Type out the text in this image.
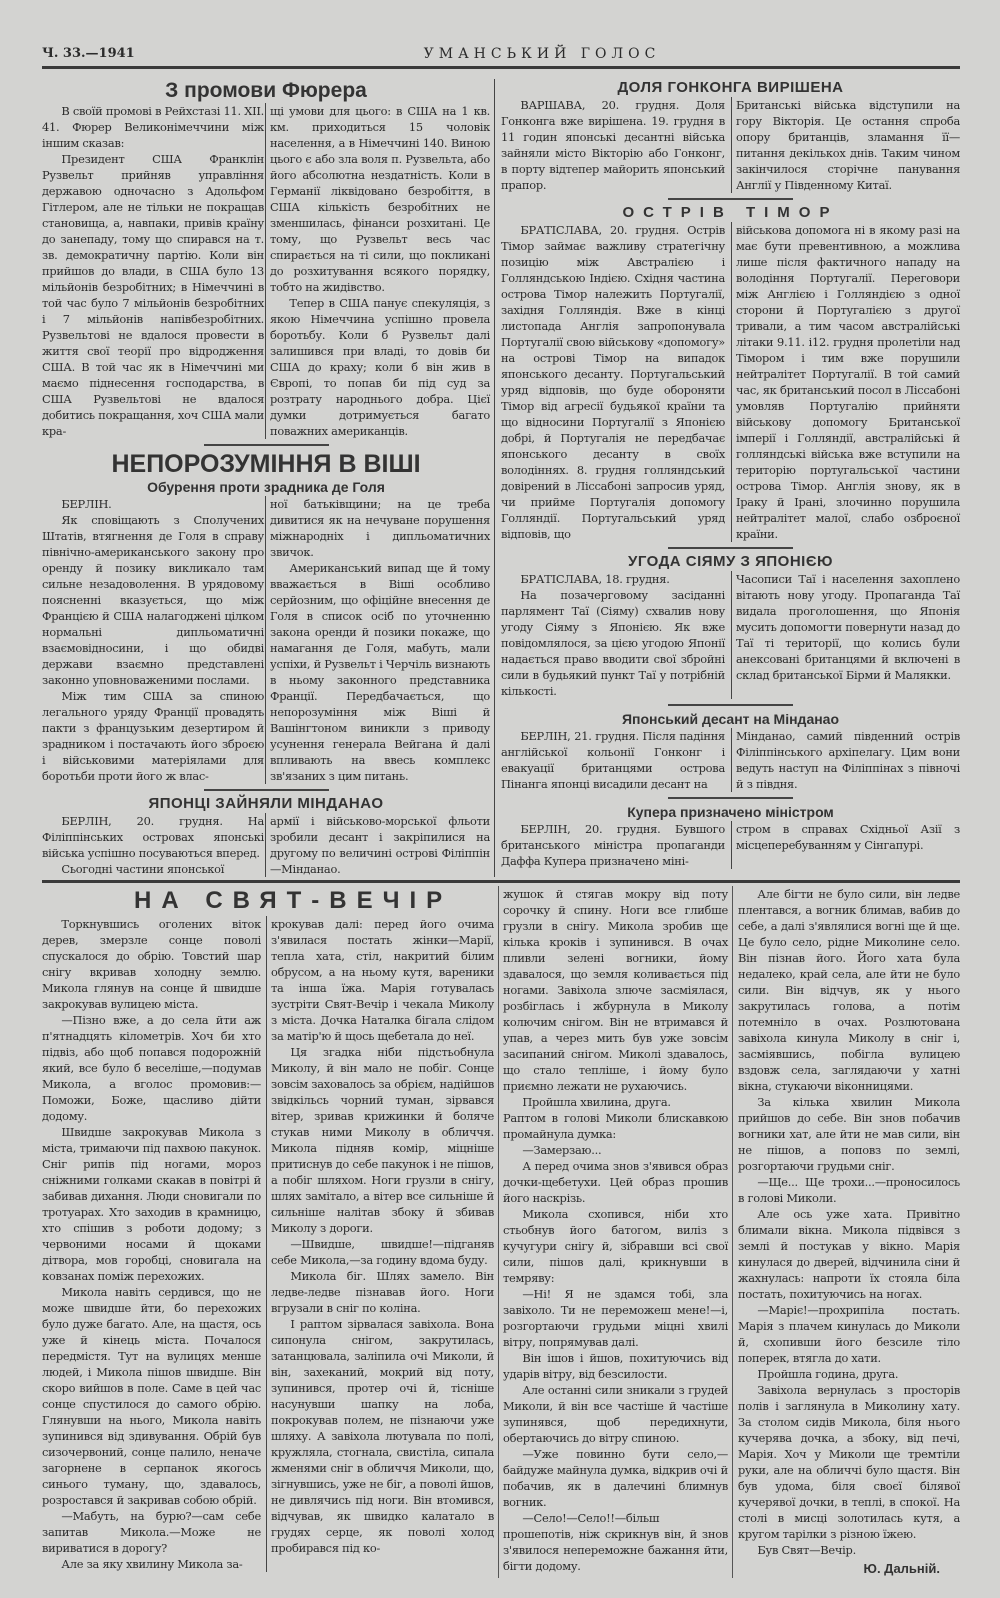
Ч. 33.—1941	УМАНСЬКИЙ ГОЛОС
З промови Фюрера

В своїй промові в Рейхстазі 11. XII. 41. Фюрер Великонімеччини між іншим сказав:

Президент США Франклін Рузвельт прийняв управління державою одночасно з Адольфом Гітлером, але не тільки не покращав становища, а, навпаки, привів країну до занепаду, тому що спирався на т. зв. демократичну партію. Коли він прийшов до влади, в США було 13 мільйонів безробітних; в Німеччині в той час було 7 мільйонів безробітних і 7 мільйонів напівбезробітних. Рузвельтові не вдалося провести в життя свої теорії про відродження США. В той час як в Німеччині ми маємо піднесення господарства, в США Рузвельтові не вдалося добитись покращання, хоч США мали кра-

щі умови для цього: в США на 1 кв. км. приходиться 15 чоловік населення, а в Німеччині 140. Виною цього є або зла воля п. Рузвельта, або його абсолютна нездатність. Коли в Германії ліквідовано безробіття, в США кількість безробітних не зменшилась, фінанси розхитані. Це тому, що Рузвельт весь час спирається на ті сили, що покликані до розхитування всякого порядку, тобто на жидівство.

Тепер в США панує спекуляція, з якою Німеччина успішно провела боротьбу. Коли б Рузвельт далі залишився при владі, то довів би США до краху; коли б він жив в Європі, то попав би під суд за розтрату народнього добра. Цієї думки дотримується багато поважних американців.

НЕПОРОЗУМІННЯ В ВІШІ
Обурення проти зрадника де Голя

БЕРЛІН.

Як сповіщають з Сполучених Штатів, втягнення де Голя в справу північно-американського закону про оренду й позику викликало там сильне незадоволення. В урядовому поясненні вказується, що між Францією й США налагоджені цілком нормальні дипльоматичні взаємовідносини, і що обидві держави взаємно представлені законно уповноваженими послами.

Між тим США за спиною легального уряду Франції провадять пакти з французьким дезертиром й зрадником і постачають його зброєю і військовими матеріялами для боротьби проти його ж влас-

ної батьківщини; на це треба дивитися як на нечуване порушення міжнародніх і дипльоматичних звичок.

Американський випад ще й тому вважається в Віші особливо серйозним, що офіційне внесення де Голя в список осіб по уточненню закона оренди й позики покаже, що намагання де Голя, мабуть, мали успіхи, й Рузвельт і Черчіль визнають в ньому законного представника Франції. Передбачається, що непорозуміння між Віші й Вашінгтоном виникли з приводу усунення генерала Вейгана й далі впливають на ввесь комплекс зв'язаних з цим питань.

ЯПОНЦІ ЗАЙНЯЛИ МІНДАНАО

БЕРЛІН, 20. грудня. На Філіппінських островах японські війська успішно посуваються вперед.

Сьогодні частини японської

армії і військово-морської фльоти зробили десант і закріпилися на другому по величині острові Філіппін—Мінданао.

ДОЛЯ ГОНКОНГА ВИРІШЕНА

ВАРШАВА, 20. грудня. Доля Гонконга вже вирішена. 19. грудня в 11 годин японські десантні війська зайняли місто Вікторію або Гонконг, в порту відтепер майорить японський прапор.

Британські війська відступили на гору Вікторія. Це остання спроба опору британців, зламання її—питання декількох днів. Таким чином закінчилося сторічне панування Англії у Південному Китаї.

ОСТРІВ ТІМОР

БРАТІСЛАВА, 20. грудня. Острів Тімор займає важливу стратегічну позицію між Австралією і Голляндською Індією. Східня частина острова Тімор належить Португалії, західня Голляндія. Вже в кінці листопада Англія запропонувала Португалії свою військову «допомогу» на острові Тімор на випадок японського десанту. Португальський уряд відповів, що буде обороняти Тімор від агресії будьякої країни та що відносини Португалії з Японією добрі, й Португалія не передбачає японського десанту в своїх володіннях. 8. грудня голляндський довірений в Ліссабоні запросив уряд, чи прийме Португалія допомогу Голляндії. Португальський уряд відповів, що

військова допомога ні в якому разі на має бути превентивною, а можлива лише після фактичного нападу на володіння Португалії. Переговори між Англією і Голляндією з одної сторони й Португалією з другої тривали, а тим часом австралійські літаки 9.11. і12. грудня пролетіли над Тімором і тим вже порушили нейтралітет Португалії. В той самий час, як британський посол в Ліссабоні умовляв Португалію прийняти військову допомогу Британської імперії і Голляндії, австралійські й голляндські війська вже вступили на територію португальської частини острова Тімор. Англія знову, як в Іраку й Ірані, злочинно порушила нейтралітет малої, слабо озброєної країни.

УГОДА СІЯМУ З ЯПОНІЄЮ

БРАТІСЛАВА, 18. грудня.

На позачерговому засіданні парлямент Таї (Сіяму) схвалив нову угоду Сіяму з Японією. Як вже повідомлялося, за цією угодою Японії надається право вводити свої збройні сили в будьякий пункт Таї у потрібній кількості.

Часописи Таї і населення захоплено вітають нову угоду. Пропаганда Таї видала проголошення, що Японія мусить допомогти повернути назад до Таї ті території, що колись були анексовані британцями й включені в склад британської Бірми й Малякки.

Японський десант на Мінданао

БЕРЛІН, 21. грудня. Після падіння англійської кольонії Гонконг і евакуації британцями острова Пінанга японці висадили десант на

Мінданао, самий південний острів Філіппінського архіпелагу. Цим вони ведуть наступ на Філіппінах з півночі й з півдня.

Купера призначено міністром

БЕРЛІН, 20. грудня. Бувшого британського міністра пропаганди Даффа Купера призначено міні-

стром в справах Східньої Азії з місцеперебуванням у Сінгапурі.

НА СВЯТ-ВЕЧІР

Торкнувшись оголених віток дерев, змерзле сонце поволі спускалося до обрію. Товстий шар снігу вкривав холодну землю. Микола глянув на сонце й швидше закрокував вулицею міста.

—Пізно вже, а до села йти аж п'ятнадцять кілометрів. Хоч би хто підвіз, або щоб попався подорожній який, все було б веселіше,—подумав Микола, а вголос промовив:—Поможи, Боже, щасливо дійти додому.

Швидше закрокував Микола з міста, тримаючи під пахвою пакунок. Сніг рипів під ногами, мороз сніжними голками скакав в повітрі й забивав дихання. Люди сновигали по тротуарах. Хто заходив в крамницю, хто спішив з роботи додому; з червоними носами й щоками дітвора, мов горобці, сновигала на ковзанах поміж перехожих.

Микола навіть сердився, що не може швидше йти, бо перехожих було дуже багато. Але, на щастя, ось уже й кінець міста. Почалося передмістя. Тут на вулицях менше людей, і Микола пішов швидше. Він скоро вийшов в поле. Саме в цей час сонце спустилося до самого обрію. Глянувши на нього, Микола навіть зупинився від здивування. Обрій був сизочервоний, сонце палило, неначе загорнене в серпанок якогось синього туману, що, здавалось, розростався й закривав собою обрій.

—Мабуть, на бурю?—сам себе запитав Микола.—Може не вириватися в дорогу?

Але за яку хвилину Микола за-

крокував далі: перед його очима з'явилася постать жінки—Марії, тепла хата, стіл, накритий білим обрусом, а на ньому кутя, вареники та інша їжа. Марія готувалась зустріти Свят-Вечір і чекала Миколу з міста. Дочка Наталка бігала слідом за матір'ю й щось щебетала до неї.

Ця згадка ніби підстьобнула Миколу, й він мало не побіг. Сонце зовсім заховалось за обрієм, надійшов звідкільсь чорний туман, зірвався вітер, зривав крижинки й боляче стукав ними Миколу в обличчя. Микола підняв комір, міцніше притиснув до себе пакунок і не пішов, а побіг шляхом. Ноги грузли в снігу, шлях замітало, а вітер все сильніше й сильніше налітав збоку й збивав Миколу з дороги.

—Швидше, швидше!—підганяв себе Микола,—за годину вдома буду.

Микола біг. Шлях замело. Він ледве-ледве пізнавав його. Ноги вгрузали в сніг по коліна.

І раптом зірвалася завіхола. Вона сипонула снігом, закрутилась, затанцювала, заліпила очі Миколи, й він, захеканий, мокрий від поту, зупинився, протер очі й, тісніше насунувши шапку на лоба, покрокував полем, не пізнаючи уже шляху. А завіхола лютувала по полі, кружляла, стогнала, свистіла, сипала жменями сніг в обличчя Миколи, що, зігнувшись, уже не біг, а поволі йшов, не дивлячись під ноги. Він втомився, відчував, як швидко калатало в грудях серце, як поволі холод пробирався під ко-

жушок й стягав мокру від поту сорочку й спину. Ноги все глибше грузли в снігу. Микола зробив ще кілька кроків і зупинився. В очах пливли зелені вогники, йому здавалося, що земля коливається під ногами. Завіхола злюче засміялася, розбіглась і жбурнула в Миколу колючим снігом. Він не втримався й упав, а через мить був уже зовсім засипаний снігом. Миколі здавалось, що стало тепліше, і йому було приємно лежати не рухаючись.

Пройшла хвилина, друга.

Раптом в голові Миколи блискавкою промайнула думка:

—Замерзаю...

А перед очима знов з'явився образ дочки-щебетухи. Цей образ прошив його наскрізь.

Микола схопився, ніби хто стьобнув його батогом, виліз з кучугури снігу й, зібравши всі свої сили, пішов далі, крикнувши в темряву:

—Ні! Я не здамся тобі, зла завіхоло. Ти не переможеш мене!—і, розгортаючи грудьми міцні хвилі вітру, попрямував далі.

Він ішов і йшов, похитуючись від ударів вітру, від безсилости.

Але останні сили зникали з грудей Миколи, й він все частіше й частіше зупинявся, щоб передихнути, обертаючись до вітру спиною.

—Уже повинно бути село,—байдуже майнула думка, відкрив очі й побачив, як в далечині блимнув вогник.

—Село!—Село!!—більш прошепотів, ніж скрикнув він, й знов з'явилося непереможне бажання йти, бігти додому.

Але бігти не було сили, він ледве плентався, а вогник блимав, вабив до себе, а далі з'являлися вогні ще й ще. Це було село, рідне Миколине село. Він пізнав його. Його хата була недалеко, край села, але йти не було сили. Він відчув, як у нього закрутилась голова, а потім потемніло в очах. Розлютована завіхола кинула Миколу в сніг і, засміявшись, побігла вулицею вздовж села, заглядаючи у хатні вікна, стукаючи віконницями.

За кілька хвилин Микола прийшов до себе. Він знов побачив вогники хат, але йти не мав сили, він не пішов, а поповз по землі, розгортаючи грудьми сніг.

—Ще... Ще трохи...—проносилось в голові Миколи.

Але ось уже хата. Привітно блимали вікна. Микола підвівся з землі й постукав у вікно. Марія кинулася до дверей, відчинила сіни й жахнулась: напроти їх стояла біла постать, похитуючись на ногах.

—Маріє!—прохрипіла постать. Марія з плачем кинулась до Миколи й, схопивши його безсиле тіло поперек, втягла до хати.

Пройшла година, друга.

Завіхола вернулась з просторів полів і заглянула в Миколину хату. За столом сидів Микола, біля нього кучерява дочка, а збоку, від печі, Марія. Хоч у Миколи ще тремтіли руки, але на обличчі було щастя. Він був удома, біля своєї білявої кучерявої дочки, в теплі, в спокої. На столі в мисці золотилась кутя, а кругом тарілки з різною їжею.

Був Свят—Вечір.

Ю. Дальній.
